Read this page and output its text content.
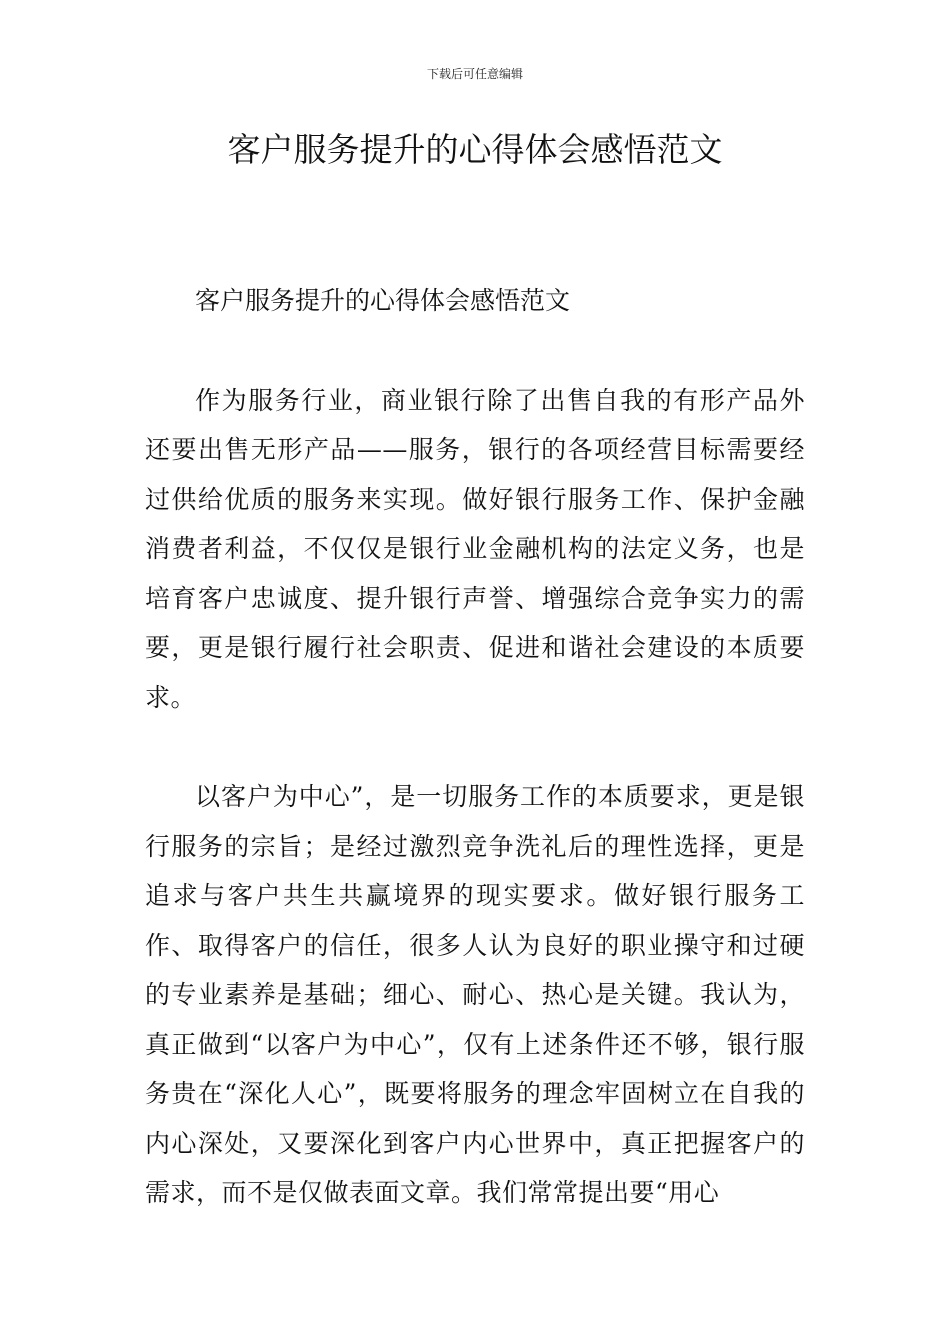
下载后可任意编辑
客户服务提升的心得体会感悟范文

客户服务提升的心得体会感悟范文

作为服务行业，商业银行除了出售自我的有形产品外还要出售无形产品——服务，银行的各项经营目标需要经过供给优质的服务来实现。做好银行服务工作、保护金融消费者利益，不仅仅是银行业金融机构的法定义务，也是培育客户忠诚度、提升银行声誉、增强综合竞争实力的需要，更是银行履行社会职责、促进和谐社会建设的本质要求。

以客户为中心”，是一切服务工作的本质要求，更是银行服务的宗旨；是经过激烈竞争洗礼后的理性选择，更是追求与客户共生共赢境界的现实要求。做好银行服务工作、取得客户的信任，很多人认为良好的职业操守和过硬的专业素养是基础；细心、耐心、热心是关键。我认为，真正做到“以客户为中心”，仅有上述条件还不够，银行服务贵在“深化人心”，既要将服务的理念牢固树立在自我的内心深处，又要深化到客户内心世界中，真正把握客户的需求，而不是仅做表面文章。我们常常提出要“用心
